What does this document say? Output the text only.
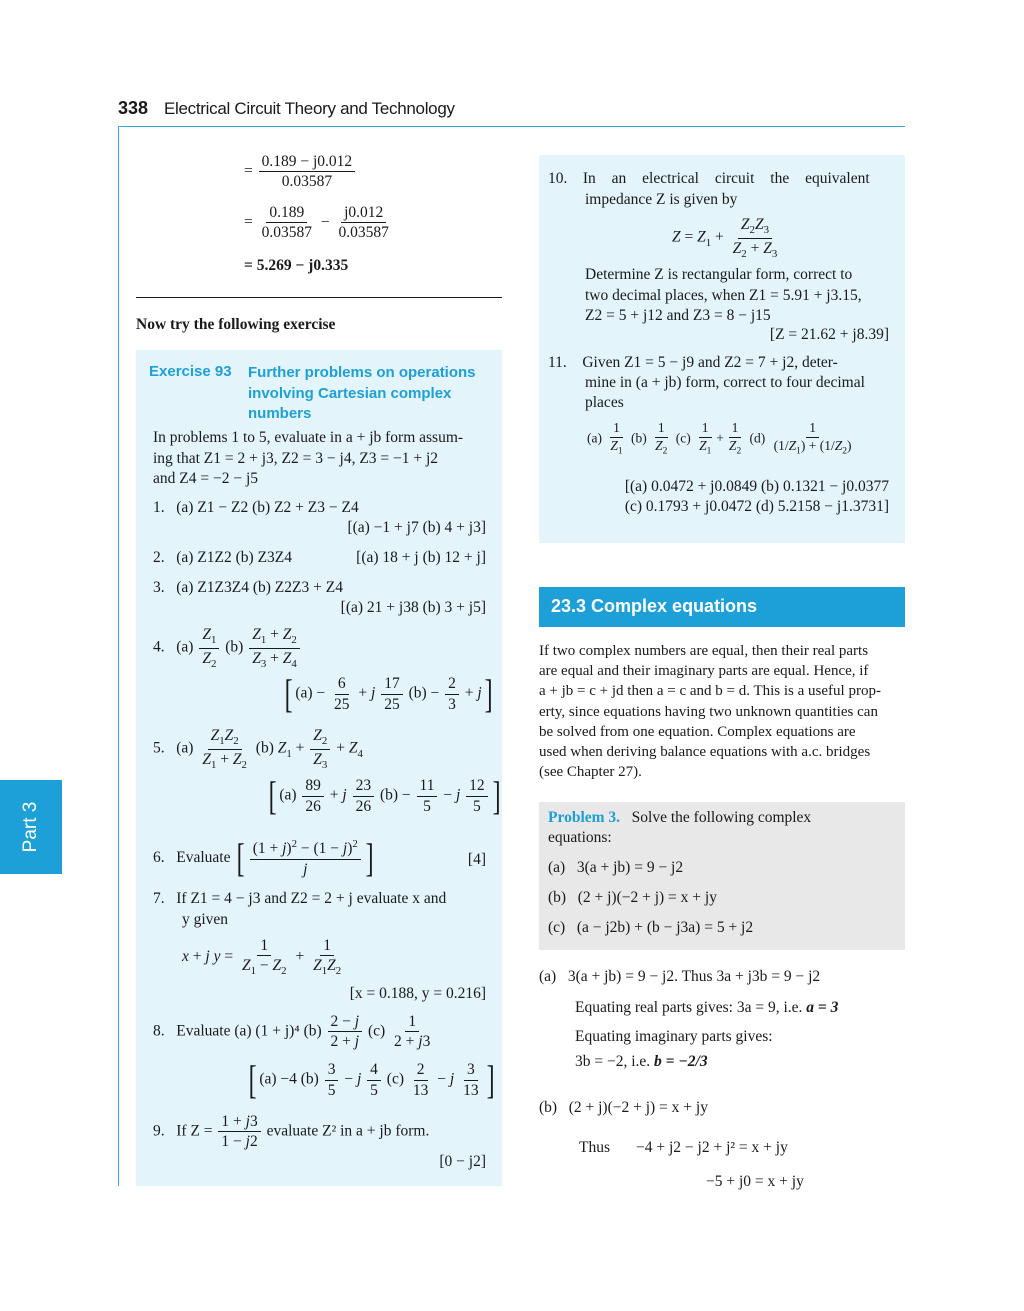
338 Electrical Circuit Theory and Technology
Part 3
= $\frac{0.189 - j0.012}{0.03587}$
= $\frac{0.189}{0.03587} - \frac{j0.012}{0.03587}$
= 5.269 − j0.335
Now try the following exercise
Exercise 93 Further problems on operations
involving Cartesian complex
numbers
In problems 1 to 5, evaluate in a + jb form assum-
ing that Z1 = 2 + j3, Z2 = 3 − j4, Z3 = −1 + j2
and Z4 = −2 − j5
1.   (a) Z1 − Z2 (b) Z2 + Z3 − Z4
[(a) −1 + j7 (b) 4 + j3]
2.   (a) Z1Z2 (b) Z3Z4	[(a) 18 + j (b) 12 + j]
3.   (a) Z1Z3Z4 (b) Z2Z3 + Z4
[(a) 21 + j38 (b) 3 + j5]
4.   $(a) \frac{Z_1}{Z_2} (b) \frac{Z_1 + Z_2}{Z_3 + Z_4}$
[ $(a) - \frac{6}{25} + j \frac{17}{25} (b) - \frac{2}{3} + j$]
5.   $(a) \frac{Z_1Z_2}{Z_1 + Z_2} (b) Z_1 + \frac{Z_2}{Z_3} + Z_4$
[ $(a) \frac{89}{26} + j \frac{23}{26} (b) - \frac{11}{5} - j \frac{12}{5}$ ]
6.   Evaluate [ $\frac{(1 + j)^2 - (1 - j)^2}{j}$ ]	[4]
7.   If Z1 = 4 − j3 and Z2 = 2 + j evaluate x and
y given
x + j $y = \frac{1}{Z_1 - Z_2} + \frac{1}{Z_1Z_2}$
[x = 0.188, y = 0.216]
8.   Evaluate (a) (1 + j)⁴ $(b) \frac{2 - j}{2 + j} (c) \frac{1}{2 + j3}$
[ (a) −4 $(b) \frac{3}{5} - j \frac{4}{5} (c) \frac{2}{13} - j \frac{3}{13}$ ]
9.   If $Z = \frac{1 + j3}{1 - j2}$ evaluate Z² in a + jb form.
[0 − j2]
10.    In an electrical circuit the equivalent
impedance Z is given by
$Z = Z_1 + \frac{Z_2Z_3}{Z_2 + Z_3}$
Determine Z is rectangular form, correct to
two decimal places, when Z1 = 5.91 + j3.15,
Z2 = 5 + j12 and Z3 = 8 − j15
[Z = 21.62 + j8.39]
11.    Given Z1 = 5 − j9 and Z2 = 7 + j2, deter-
mine in (a + jb) form, correct to four decimal
places
$(a) \frac{1}{Z_1} (b) \frac{1}{Z_2} (c) \frac{1}{Z_1} + \frac{1}{Z_2} (d) \frac{1}{(1/Z_1) + (1/Z_2)}$
[(a) 0.0472 + j0.0849 (b) 0.1321 − j0.0377
(c) 0.1793 + j0.0472 (d) 5.2158 − j1.3731]
23.3 Complex equations
If two complex numbers are equal, then their real parts
are equal and their imaginary parts are equal. Hence, if
a + jb = c + jd then a = c and b = d. This is a useful prop-
erty, since equations having two unknown quantities can
be solved from one equation. Complex equations are
used when deriving balance equations with a.c. bridges
(see Chapter 27).
Problem 3. Solve the following complex
equations:
(a)   3(a + jb) = 9 − j2
(b)   (2 + j)(−2 + j) = x + jy
(c)   (a − j2b) + (b − j3a) = 5 + j2
(a)   3(a + jb) = 9 − j2. Thus 3a + j3b = 9 − j2
Equating real parts gives: 3a = 9, i.e. a = 3
Equating imaginary parts gives:
3b = −2, i.e. b = −2/3
(b)   (2 + j)(−2 + j) = x + jy
Thus −4 + j2 − j2 + j² = x + jy
−5 + j0 = x + jy
